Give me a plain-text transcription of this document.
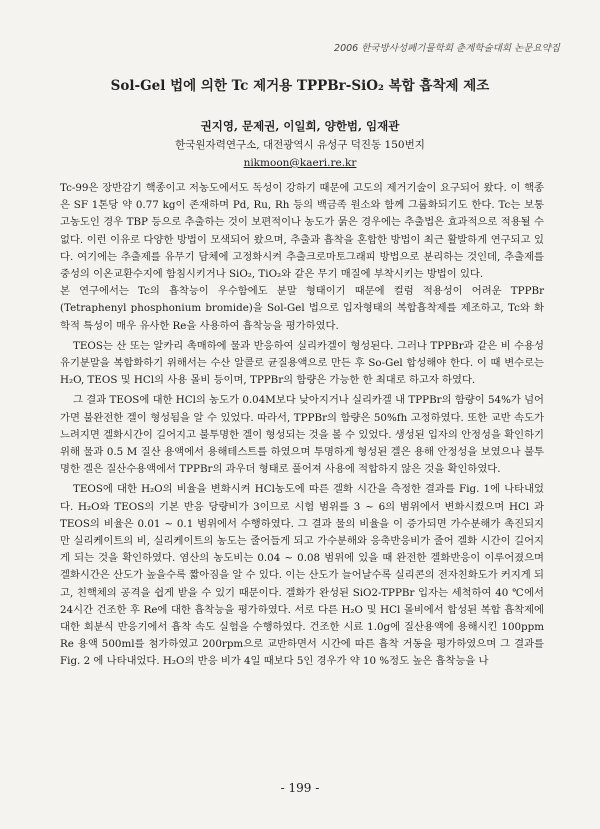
2006 한국방사성폐기물학회 춘계학술대회 논문요약집
Sol-Gel 법에 의한 Tc 제거용 TPPBr-SiO₂ 복합 흡착제 제조
권지영, 문제권, 이일희, 양한범, 임재관
한국원자력연구소, 대전광역시 유성구 덕진동 150번지
nikmoon@kaeri.re.kr

Tc-99은 장반감기 핵종이고 저농도에서도 독성이 강하기 때문에 고도의 제거기술이 요구되어 왔다. 이 핵종은 SF 1톤당 약 0.77 kg이 존재하며 Pd, Ru, Rh 등의 백금족 원소와 함께 그룹화되기도 한다. Tc는 보통 고농도인 경우 TBP 등으로 추출하는 것이 보편적이나 농도가 묽은 경우에는 추출법은 효과적으로 적용될 수 없다. 이런 이유로 다양한 방법이 모색되어 왔으며, 추출과 흡착을 혼합한 방법이 최근 활발하게 연구되고 있다. 여기에는 추출제를 유무기 담체에 고정화시켜 추출크로마토그래피 방법으로 분리하는 것인데, 추출제를 중성의 이온교환수지에 함침시키거나 SiO₂, TiO₂와 같은 무기 매질에 부착시키는 방법이 있다.

본 연구에서는 Tc의 흡착능이 우수함에도 분말 형태이기 때문에 컬럼 적용성이 어려운 TPPBr (Tetraphenyl phosphonium bromide)을 Sol-Gel 법으로 입자형태의 복합흡착제를 제조하고, Tc와 화학적 특성이 매우 유사한 Re을 사용하여 흡착능을 평가하였다.

TEOS는 산 또는 알카리 촉매하에 물과 반응하여 실리카겔이 형성된다. 그러나 TPPBr과 같은 비 수용성 유기분말을 복합화하기 위해서는 수산 알콜로 균질용액으로 만든 후 So-Gel 합성해야 한다. 이 때 변수로는 H₂O, TEOS 및 HCl의 사용 몰비 등이며, TPPBr의 함량은 가능한 한 최대로 하고자 하였다.

그 결과 TEOS에 대한 HCl의 농도가 0.04M보다 낮아지거나 실리카겔 내 TPPBr의 함량이 54%가 넘어가면 불완전한 겔이 형성됨을 알 수 있었다. 따라서, TPPBr의 함량은 50%fh 고정하였다. 또한 교반 속도가 느려지면 겔화시간이 길어지고 불투명한 겔이 형성되는 것을 볼 수 있었다. 생성된 입자의 안정성을 확인하기 위해 물과 0.5 M 질산 용액에서 용해테스트를 하였으며 투명하게 형성된 겔은 용해 안정성을 보였으나 불투명한 겔은 질산수용액에서 TPPBr의 과우더 형태로 풀어져 사용에 적합하지 않은 것을 확인하였다.

TEOS에 대한 H₂O의 비율을 변화시켜 HCl농도에 따른 겔화 시간을 측정한 결과를 Fig. 1에 나타내었다. H₂O와 TEOS의 기본 반응 당량비가 3이므로 시험 범위를 3 ~ 6의 범위에서 변화시켰으며 HCl 과 TEOS의 비율은 0.01 ~ 0.1 범위에서 수행하였다. 그 결과 물의 비율을 이 증가되면 가수분해가 촉진되지만 실리케이트의 비, 실리케이트의 농도는 줄어들게 되고 가수분해와 응축반응비가 줄어 겔화 시간이 길어지게 되는 것을 확인하였다. 염산의 농도비는 0.04 ~ 0.08 범위에 있을 때 완전한 겔화반응이 이루어졌으며 겔화시간은 산도가 높을수록 짧아짐을 알 수 있다. 이는 산도가 늘어날수록 실리콘의 전자친화도가 커지게 되고, 친핵체의 공격을 쉽게 받을 수 있기 때문이다. 겔화가 완성된 SiO2-TPPBr 입자는 세척하여 40 ℃에서 24시간 건조한 후 Re에 대한 흡착능을 평가하였다. 서로 다른 H₂O 및 HCl 몰비에서 합성된 복합 흡착제에 대한 회분식 반응기에서 흡착 속도 실험을 수행하였다. 건조한 시료 1.0g에 질산용액에 용해시킨 100ppm Re 용액 500ml를 첨가하였고 200rpm으로 교반하면서 시간에 따른 흡착 거동을 평가하였으며 그 결과를 Fig. 2 에 나타내었다. H₂O의 반응 비가 4일 때보다 5인 경우가 약 10 %정도 높은 흡착능을 나

- 199 -
